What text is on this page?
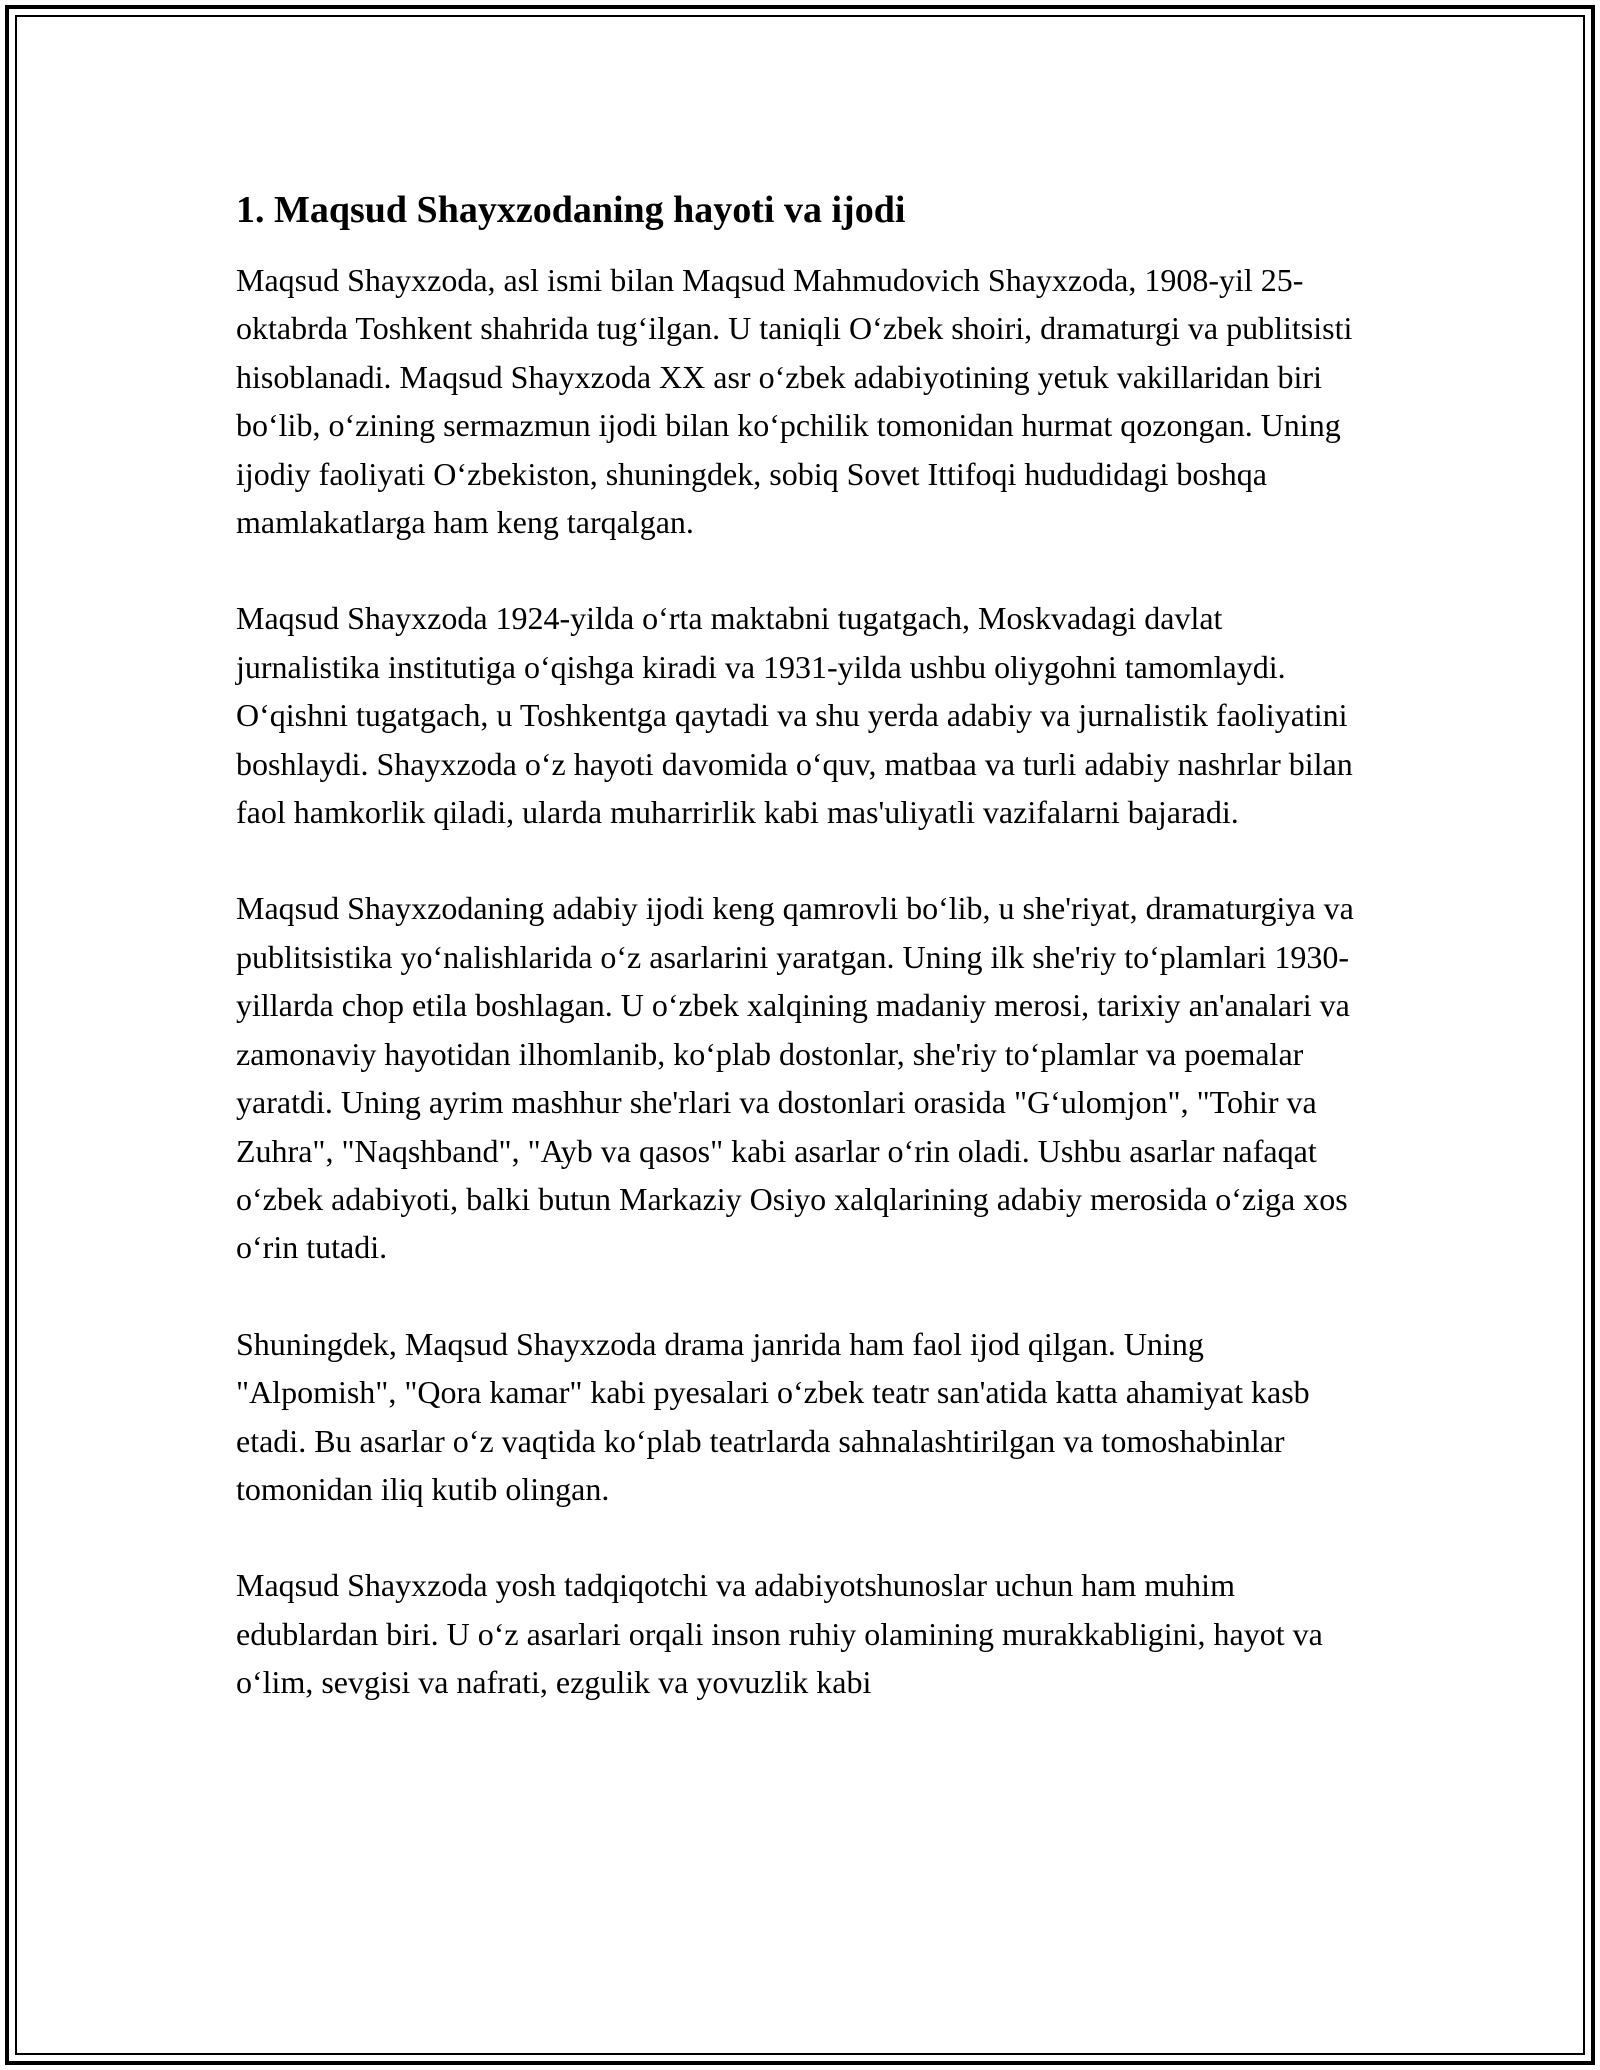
1. Maqsud Shayxzodaning hayoti va ijodi

Maqsud Shayxzoda, asl ismi bilan Maqsud Mahmudovich Shayxzoda, 1908-yil 25-oktabrda Toshkent shahrida tug‘ilgan. U taniqli O‘zbek shoiri, dramaturgi va publitsisti hisoblanadi. Maqsud Shayxzoda XX asr o‘zbek adabiyotining yetuk vakillaridan biri bo‘lib, o‘zining sermazmun ijodi bilan ko‘pchilik tomonidan hurmat qozongan. Uning ijodiy faoliyati O‘zbekiston, shuningdek, sobiq Sovet Ittifoqi hududidagi boshqa mamlakatlarga ham keng tarqalgan.

Maqsud Shayxzoda 1924-yilda o‘rta maktabni tugatgach, Moskvadagi davlat jurnalistika institutiga o‘qishga kiradi va 1931-yilda ushbu oliygohni tamomlaydi. O‘qishni tugatgach, u Toshkentga qaytadi va shu yerda adabiy va jurnalistik faoliyatini boshlaydi. Shayxzoda o‘z hayoti davomida o‘quv, matbaa va turli adabiy nashrlar bilan faol hamkorlik qiladi, ularda muharrirlik kabi mas'uliyatli vazifalarni bajaradi.

Maqsud Shayxzodaning adabiy ijodi keng qamrovli bo‘lib, u she'riyat, dramaturgiya va publitsistika yo‘nalishlarida o‘z asarlarini yaratgan. Uning ilk she'riy to‘plamlari 1930-yillarda chop etila boshlagan. U o‘zbek xalqining madaniy merosi, tarixiy an'analari va zamonaviy hayotidan ilhomlanib, ko‘plab dostonlar, she'riy to‘plamlar va poemalar yaratdi. Uning ayrim mashhur she'rlari va dostonlari orasida "G‘ulomjon", "Tohir va Zuhra", "Naqshband", "Ayb va qasos" kabi asarlar o‘rin oladi. Ushbu asarlar nafaqat o‘zbek adabiyoti, balki butun Markaziy Osiyo xalqlarining adabiy merosida o‘ziga xos o‘rin tutadi.

Shuningdek, Maqsud Shayxzoda drama janrida ham faol ijod qilgan. Uning "Alpomish", "Qora kamar" kabi pyesalari o‘zbek teatr san'atida katta ahamiyat kasb etadi. Bu asarlar o‘z vaqtida ko‘plab teatrlarda sahnalashtirilgan va tomoshabinlar tomonidan iliq kutib olingan.

Maqsud Shayxzoda yosh tadqiqotchi va adabiyotshunoslar uchun ham muhim edublardan biri. U o‘z asarlari orqali inson ruhiy olamining murakkabligini, hayot va o‘lim, sevgisi va nafrati, ezgulik va yovuzlik kabi
